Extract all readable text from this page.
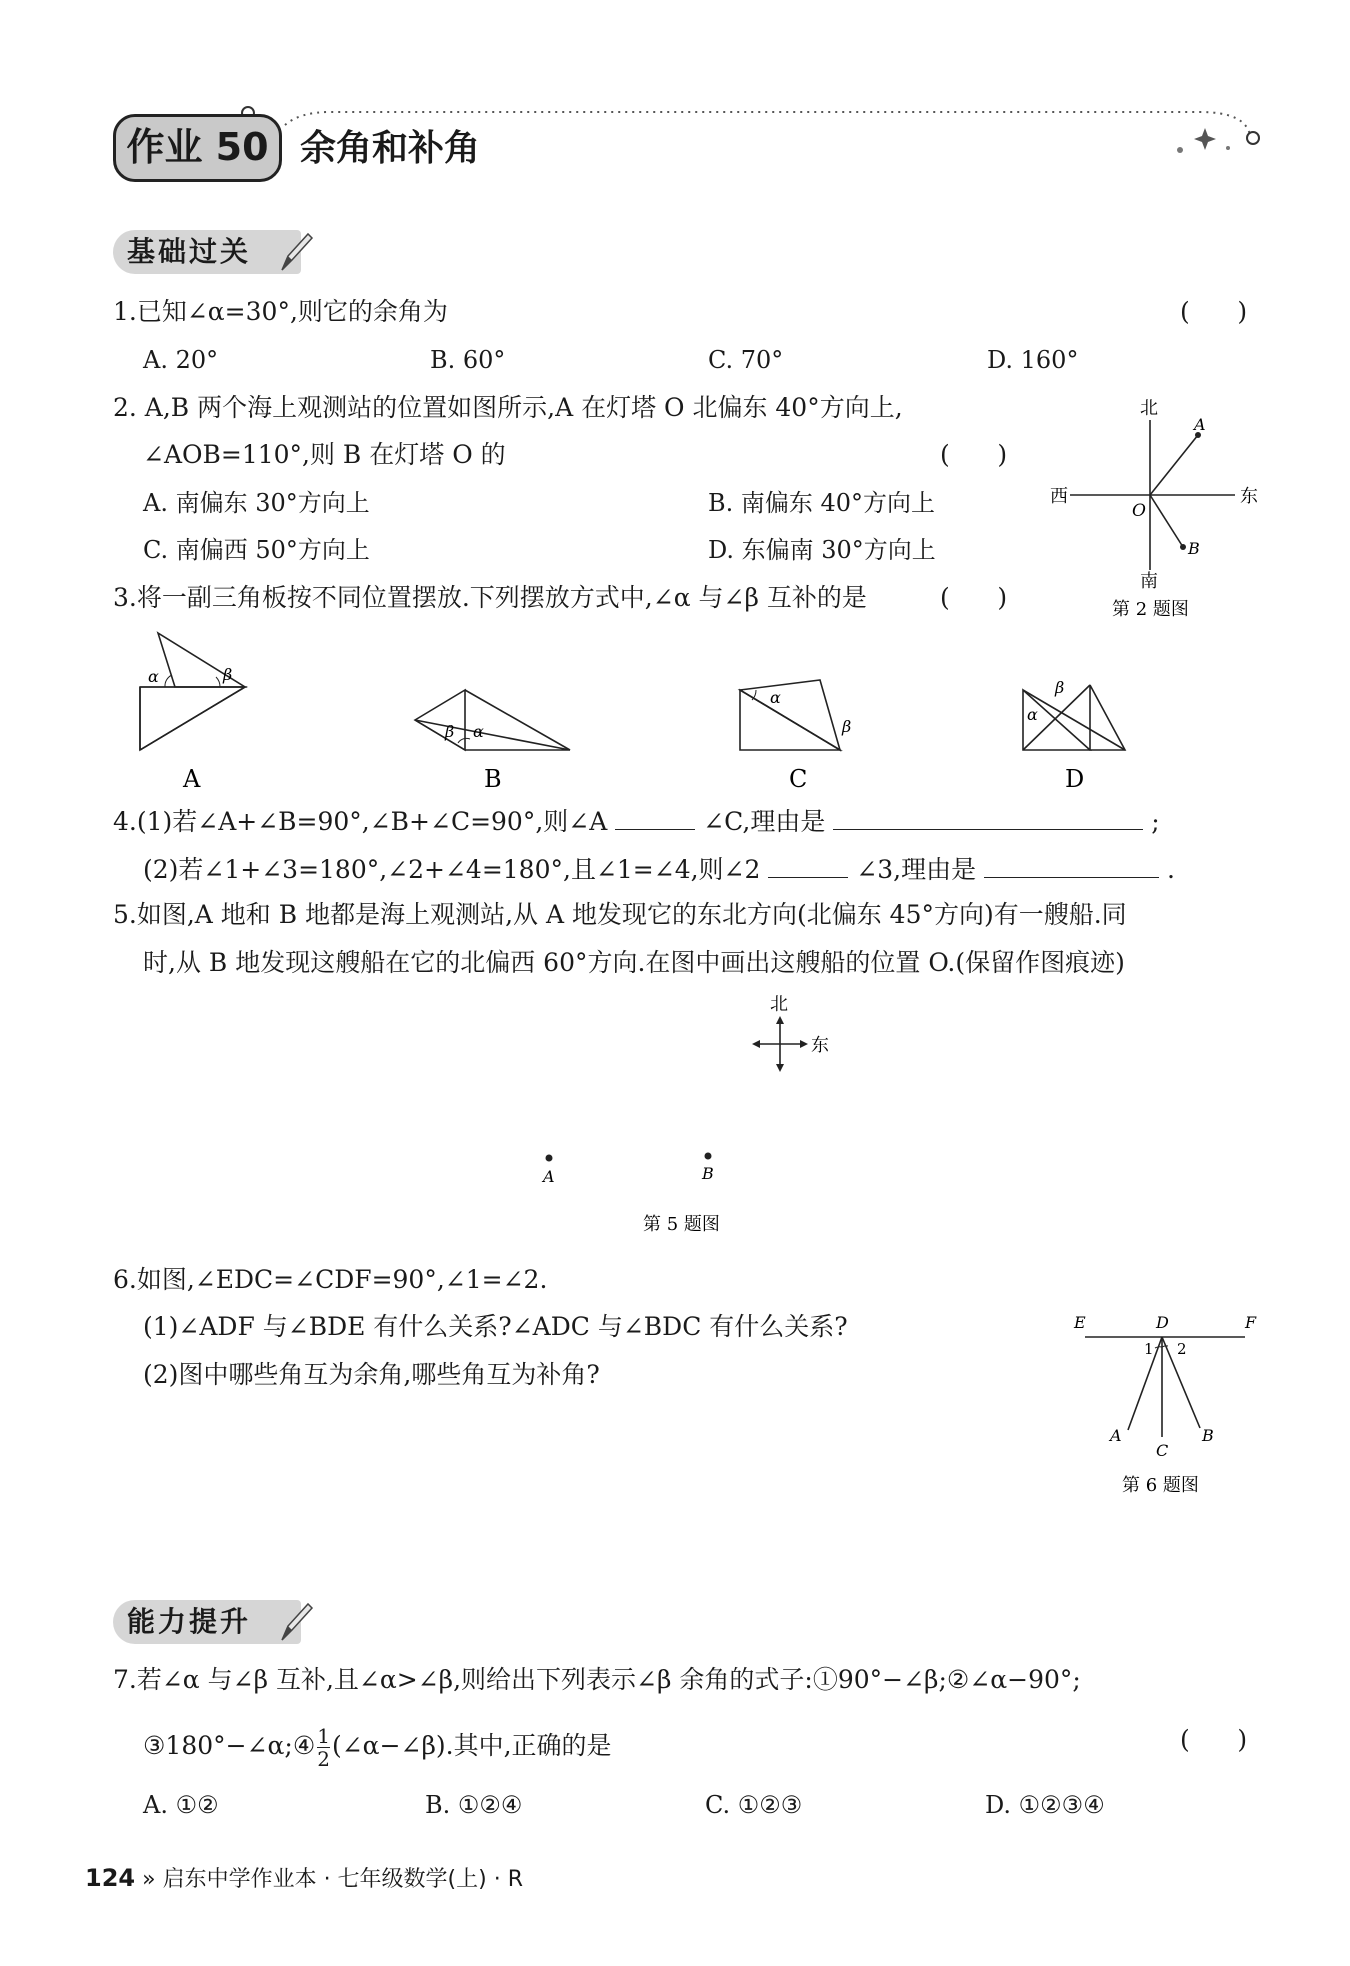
作业 50 余角和补角
基础过关
1.已知∠α=30°,则它的余角为	(      )
A. 20°	B. 60°	C. 70°	D. 160°
2. A,B 两个海上观测站的位置如图所示,A 在灯塔 O 北偏东 40°方向上,
∠AOB=110°,则 B 在灯塔 O 的	(      )
A. 南偏东 30°方向上	B. 南偏东 40°方向上
C. 南偏西 50°方向上	D. 东偏南 30°方向上
北
南
东
西
O
A
B
第 2 题图
3.将一副三角板按不同位置摆放.下列摆放方式中,∠α 与∠β 互补的是	(      )
α	β
A
β α
B
α
β
C
α
β
D
4.(1)若∠A+∠B=90°,∠B+∠C=90°,则∠A	∠C,理由是	;
(2)若∠1+∠3=180°,∠2+∠4=180°,且∠1=∠4,则∠2	∠3,理由是	.
5.如图,A 地和 B 地都是海上观测站,从 A 地发现它的东北方向(北偏东 45°方向)有一艘船.同
时,从 B 地发现这艘船在它的北偏西 60°方向.在图中画出这艘船的位置 O.(保留作图痕迹)
北
东
A	B
第 5 题图
6.如图,∠EDC=∠CDF=90°,∠1=∠2.
(1)∠ADF 与∠BDE 有什么关系?∠ADC 与∠BDC 有什么关系?
(2)图中哪些角互为余角,哪些角互为补角?
E	D	F
1 2
A
C
B
第 6 题图
能力提升
7.若∠α 与∠β 互补,且∠α>∠β,则给出下列表示∠β 余角的式子:①90°−∠β;②∠α−90°;
③180°−∠α;④ $\frac{1}{2}$ (∠α−∠β).其中,正确的是	(      )
A. ①②	B. ①②④	C. ①②③	D. ①②③④
124 » 启东中学作业本 · 七年级数学(上) · R
